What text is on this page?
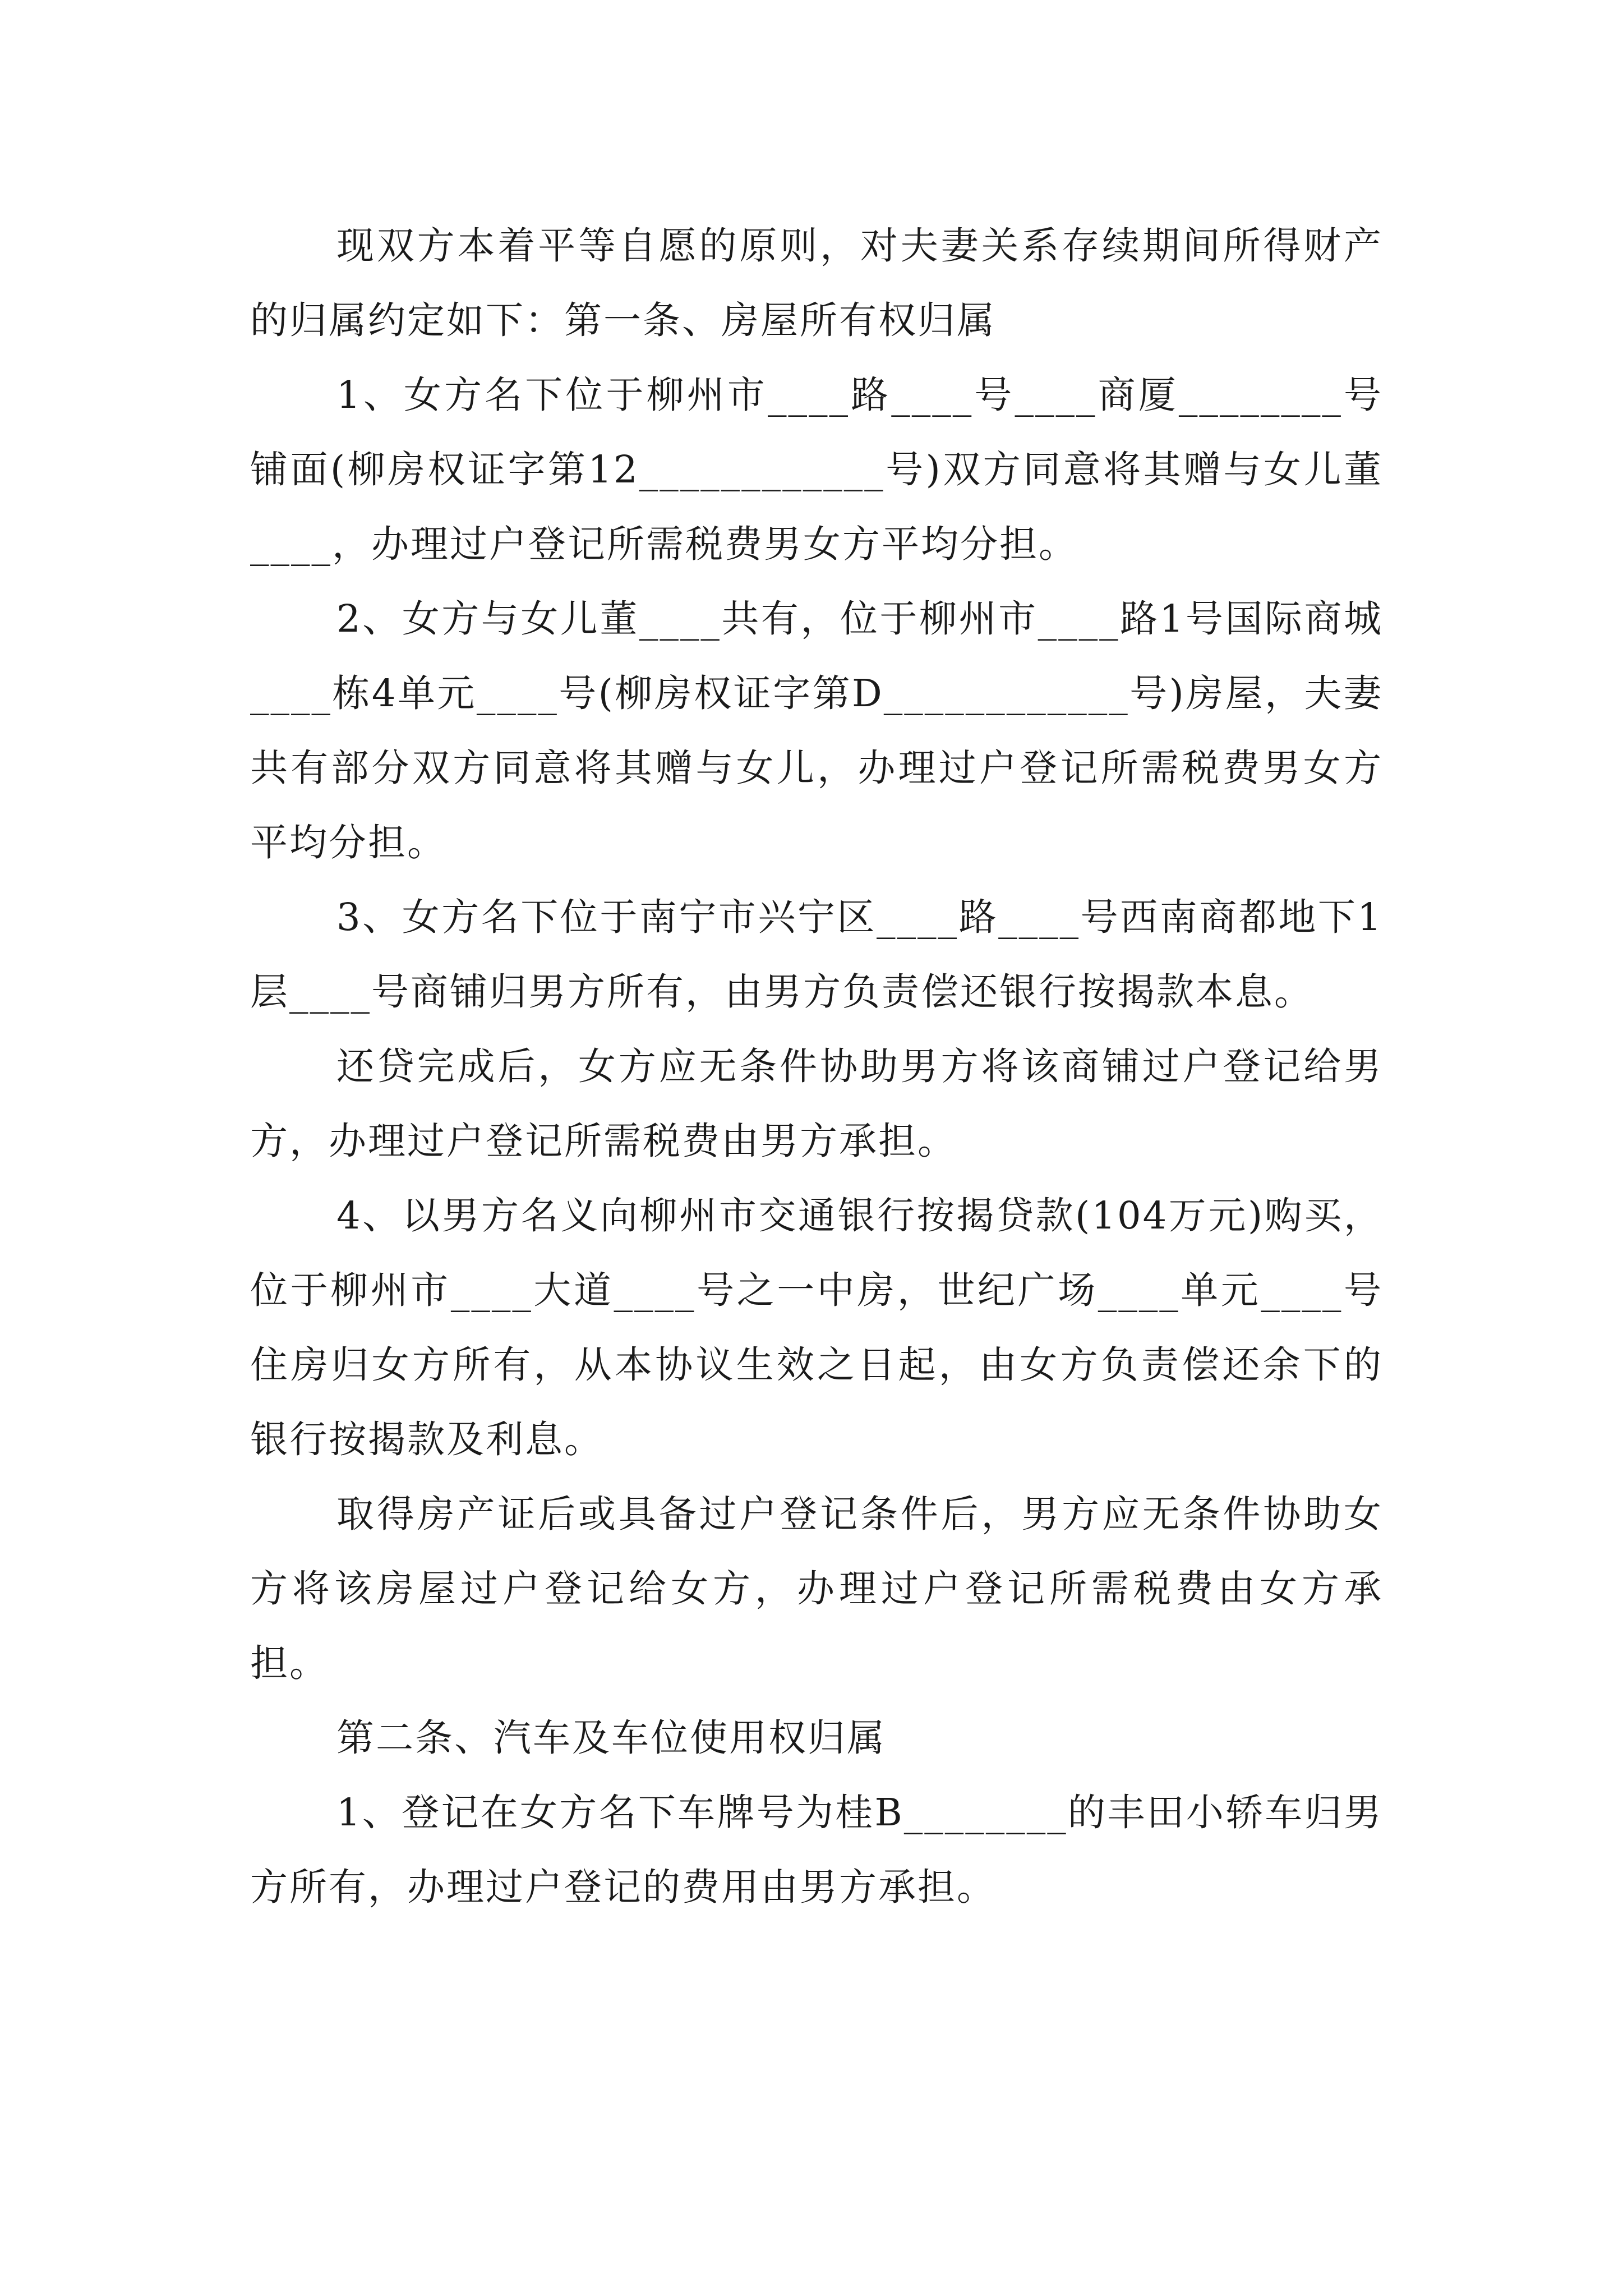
现双方本着平等自愿的原则，对夫妻关系存续期间所得财产的归属约定如下：第一条、房屋所有权归属

1、女方名下位于柳州市____路____号____商厦________号铺面(柳房权证字第12____________号)双方同意将其赠与女儿董____，办理过户登记所需税费男女方平均分担。

2、女方与女儿董____共有，位于柳州市____路1号国际商城____栋4单元____号(柳房权证字第D____________号)房屋，夫妻共有部分双方同意将其赠与女儿，办理过户登记所需税费男女方平均分担。

3、女方名下位于南宁市兴宁区____路____号西南商都地下1层____号商铺归男方所有，由男方负责偿还银行按揭款本息。

还贷完成后，女方应无条件协助男方将该商铺过户登记给男方，办理过户登记所需税费由男方承担。

4、以男方名义向柳州市交通银行按揭贷款(104万元)购买，位于柳州市____大道____号之一中房，世纪广场____单元____号住房归女方所有，从本协议生效之日起，由女方负责偿还余下的银行按揭款及利息。

取得房产证后或具备过户登记条件后，男方应无条件协助女方将该房屋过户登记给女方，办理过户登记所需税费由女方承担。

第二条、汽车及车位使用权归属

1、登记在女方名下车牌号为桂B________的丰田小轿车归男方所有，办理过户登记的费用由男方承担。
